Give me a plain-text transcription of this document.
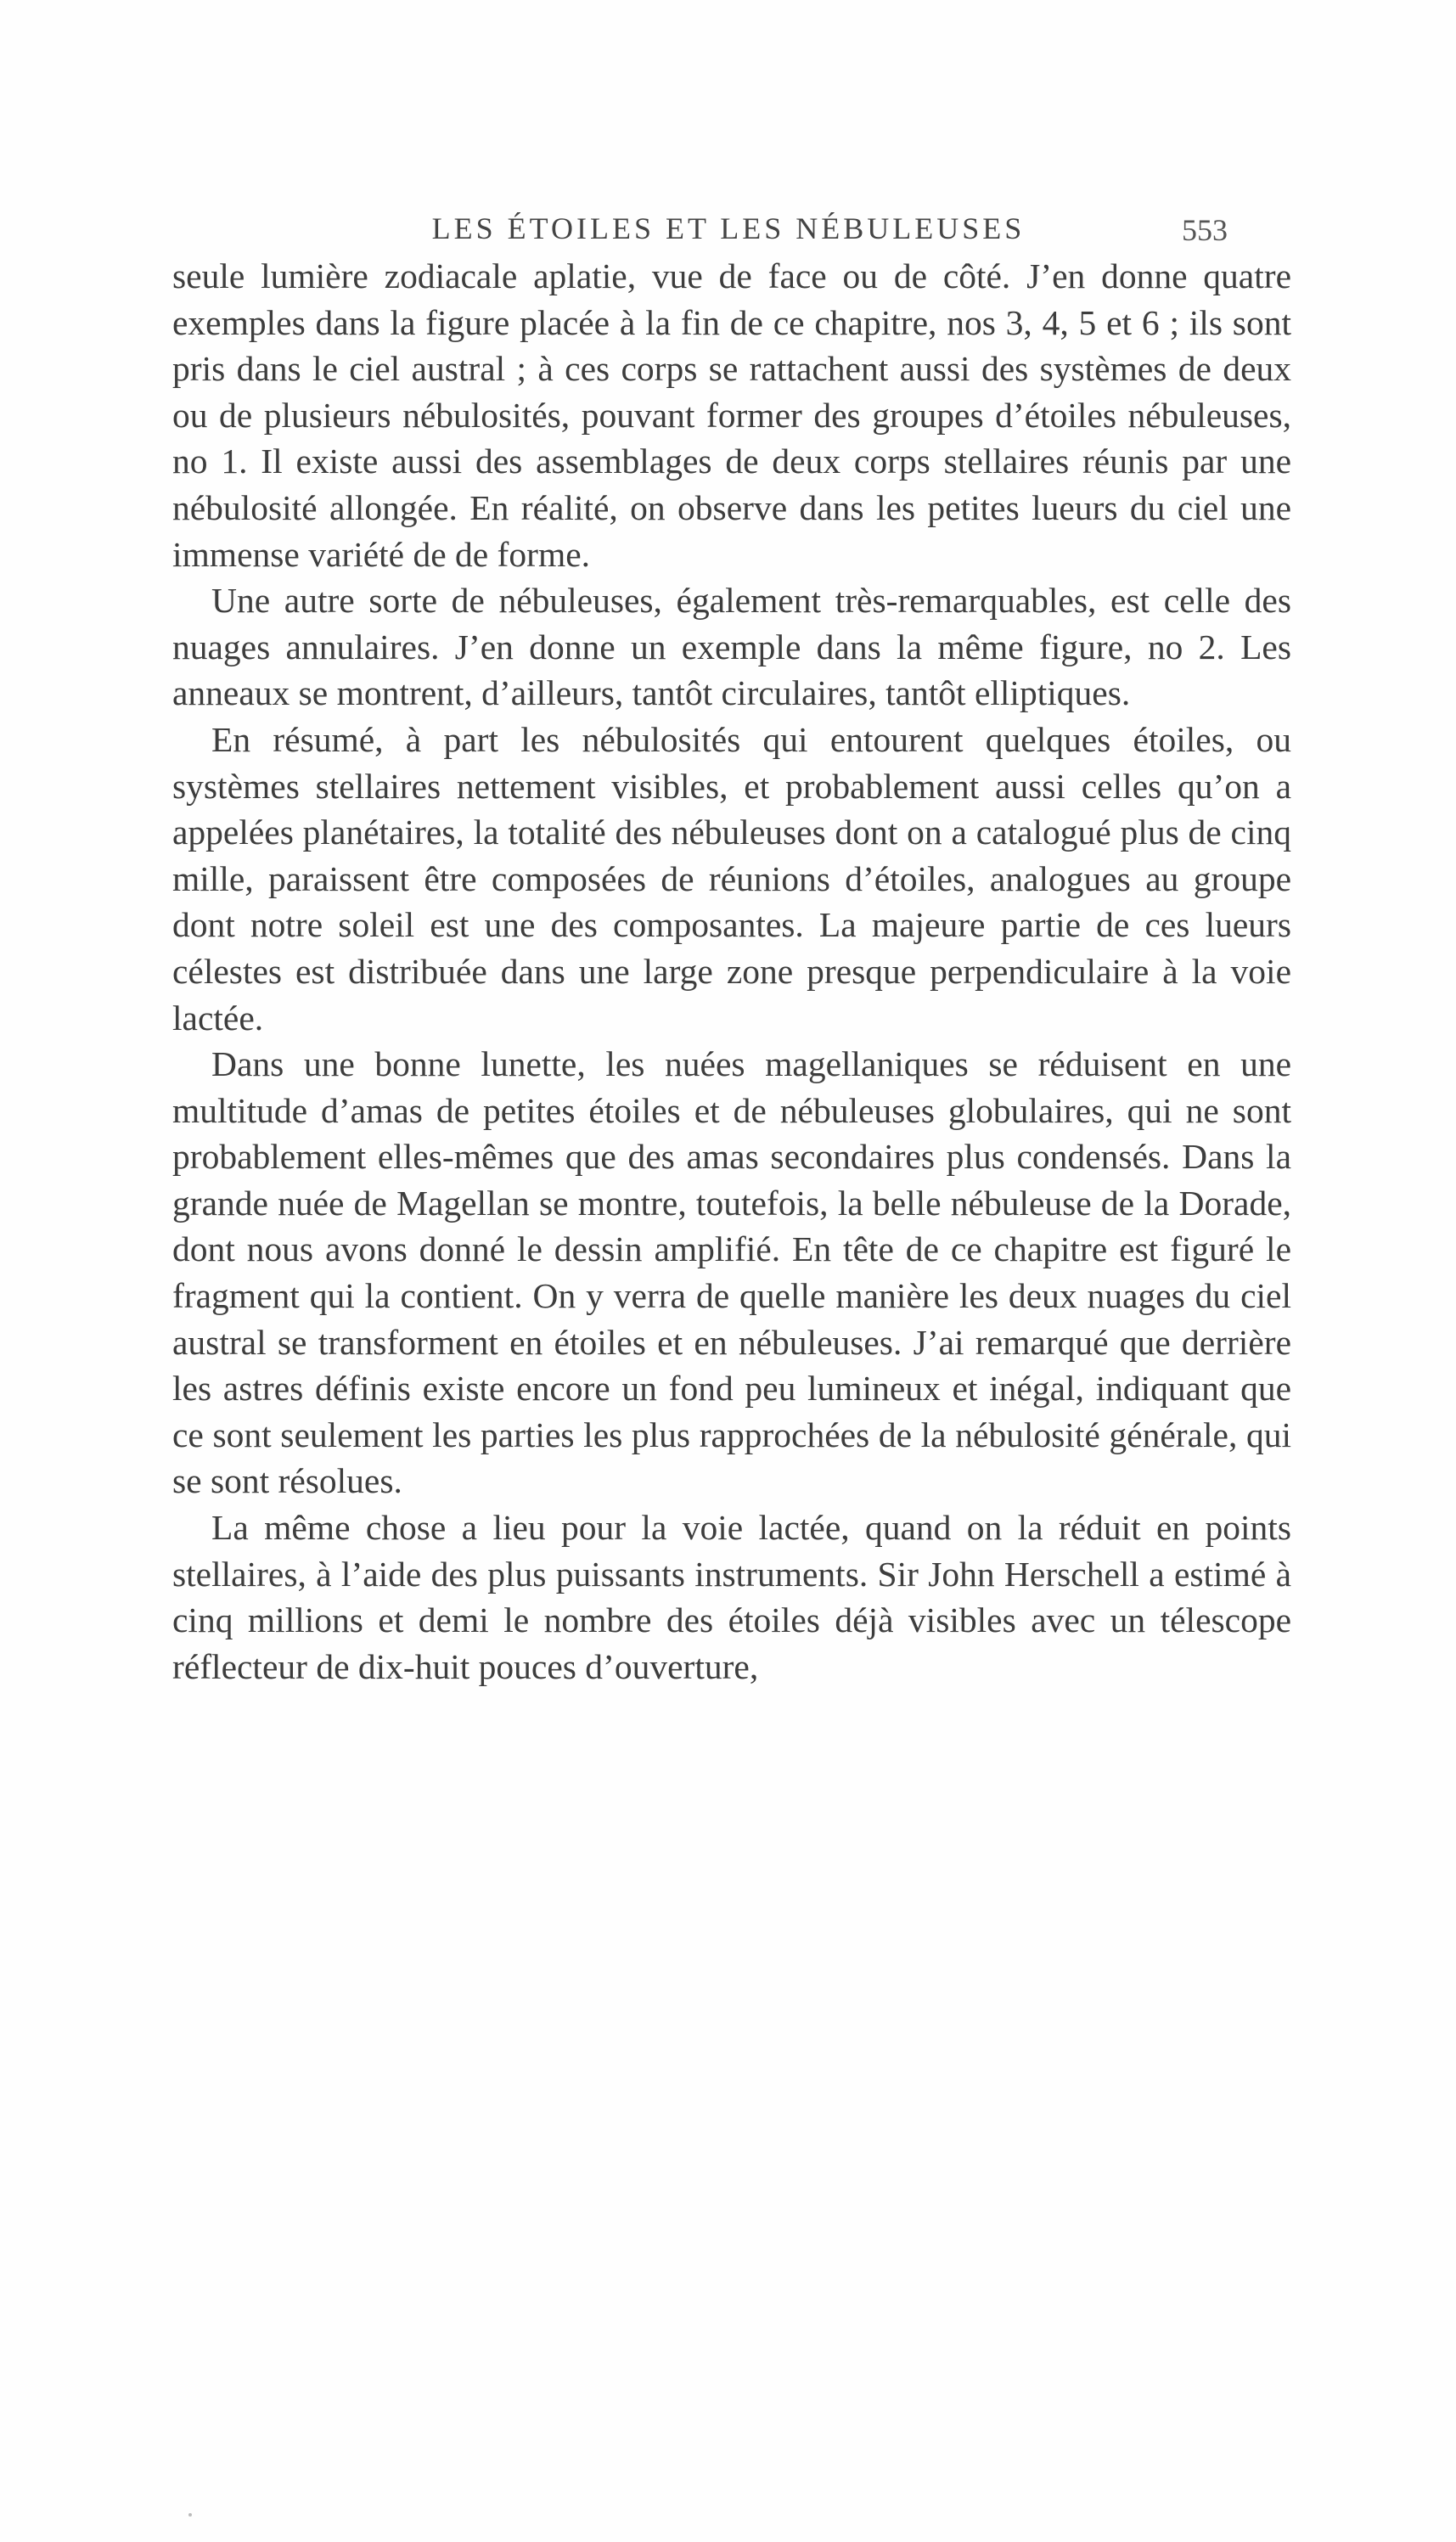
LES ÉTOILES ET LES NÉBULEUSES	553

seule lumière zodiacale aplatie, vue de face ou de côté. J’en donne quatre exemples dans la figure placée à la fin de ce chapitre, nos 3, 4, 5 et 6 ; ils sont pris dans le ciel austral ; à ces corps se rattachent aussi des systèmes de deux ou de plusieurs nébulosités, pouvant former des groupes d’étoiles nébuleuses, no 1. Il existe aussi des assemblages de deux corps stellaires réunis par une nébulosité allongée. En réalité, on observe dans les petites lueurs du ciel une immense variété de de forme.

Une autre sorte de nébuleuses, également très-remarquables, est celle des nuages annulaires. J’en donne un exemple dans la même figure, no 2. Les anneaux se montrent, d’ailleurs, tantôt circulaires, tantôt elliptiques.

En résumé, à part les nébulosités qui entourent quelques étoiles, ou systèmes stellaires nettement visibles, et probablement aussi celles qu’on a appelées planétaires, la totalité des nébuleuses dont on a catalogué plus de cinq mille, paraissent être composées de réunions d’étoiles, analogues au groupe dont notre soleil est une des composantes. La majeure partie de ces lueurs célestes est distribuée dans une large zone presque perpendiculaire à la voie lactée.

Dans une bonne lunette, les nuées magellaniques se réduisent en une multitude d’amas de petites étoiles et de nébuleuses globulaires, qui ne sont probablement elles-mêmes que des amas secondaires plus condensés. Dans la grande nuée de Magellan se montre, toutefois, la belle nébuleuse de la Dorade, dont nous avons donné le dessin amplifié. En tête de ce chapitre est figuré le fragment qui la contient. On y verra de quelle manière les deux nuages du ciel austral se transforment en étoiles et en nébuleuses. J’ai remarqué que derrière les astres définis existe encore un fond peu lumineux et inégal, indiquant que ce sont seulement les parties les plus rapprochées de la nébulosité générale, qui se sont résolues.

La même chose a lieu pour la voie lactée, quand on la réduit en points stellaires, à l’aide des plus puissants instruments. Sir John Herschell a estimé à cinq millions et demi le nombre des étoiles déjà visibles avec un télescope réflecteur de dix-huit pouces d’ouverture,
